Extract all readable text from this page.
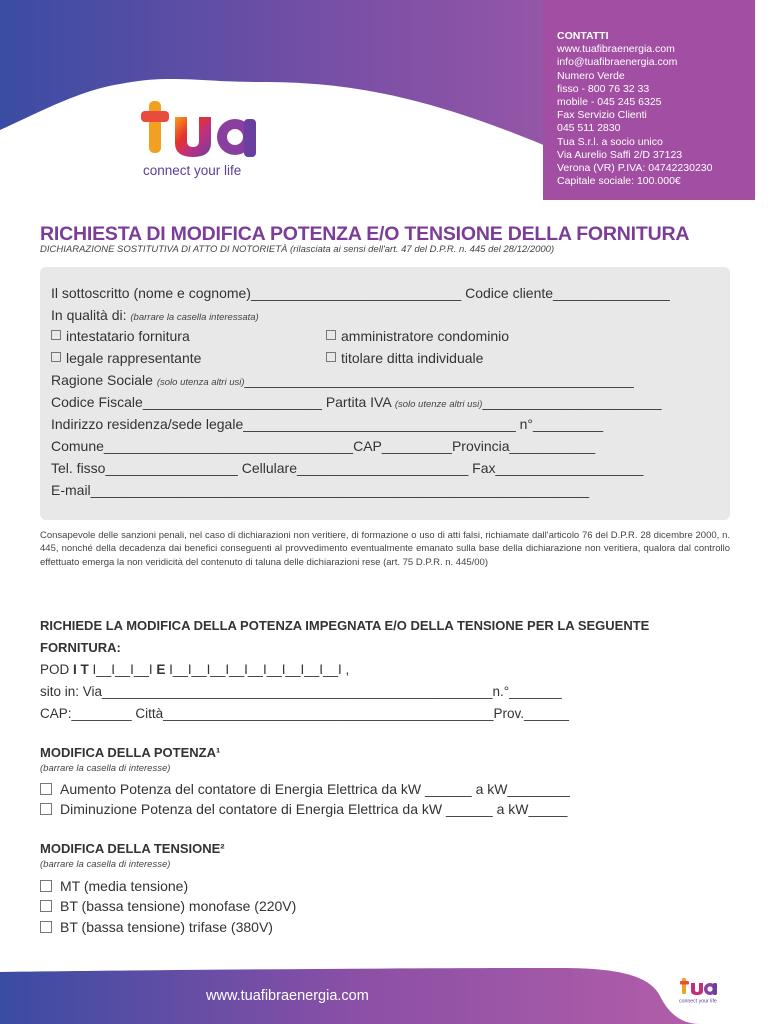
connect your life
CONTATTI
www.tuafibraenergia.com
info@tuafibraenergia.com
Numero Verde
fisso - 800 76 32 33
mobile - 045 245 6325
Fax Servizio Clienti
045 511 2830
Tua S.r.l. a socio unico
Via Aurelio Saffi 2/D 37123
Verona (VR) P.IVA: 04742230230
Capitale sociale: 100.000€
RICHIESTA DI MODIFICA POTENZA E/O TENSIONE DELLA FORNITURA
DICHIARAZIONE SOSTITUTIVA DI ATTO DI NOTORIETÀ (rilasciata ai sensi dell'art. 47 del D.P.R. n. 445 del 28/12/2000)
Il sottoscritto (nome e cognome)___________________________ Codice cliente_______________
In qualità di: (barrare la casella interessata)
intestatario fornitura	amministratore condominio
legale rappresentante	titolare ditta individuale
Ragione Sociale (solo utenza altri usi)__________________________________________________
Codice Fiscale_______________________ Partita IVA (solo utenze altri usi)_______________________
Indirizzo residenza/sede legale___________________________________ n°_________
Comune________________________________CAP_________Provincia___________
Tel. fisso_________________ Cellulare______________________ Fax___________________
E-mail________________________________________________________________
Consapevole delle sanzioni penali, nel caso di dichiarazioni non veritiere, di formazione o uso di atti falsi, richiamate dall'articolo 76 del D.P.R. 28 dicembre 2000, n. 445, nonché della decadenza dai benefici conseguenti al provvedimento eventualmente emanato sulla base della dichiarazione non veritiera, qualora dal controllo effettuato emerga la non veridicità del contenuto di taluna delle dichiarazioni rese (art. 75 D.P.R. n. 445/00)
RICHIEDE LA MODIFICA DELLA POTENZA IMPEGNATA E/O DELLA TENSIONE PER LA SEGUENTE
FORNITURA:
POD I T I__I__I__I E I__I__I__I__I__I__I__I__I__I ,
sito in: Via____________________________________________________n.°_______
CAP:________ Città____________________________________________Prov.______
MODIFICA DELLA POTENZA¹
(barrare la casella di interesse)
Aumento Potenza del contatore di Energia Elettrica da kW ______ a kW________
Diminuzione Potenza del contatore di Energia Elettrica da kW ______ a kW_____
MODIFICA DELLA TENSIONE²
(barrare la casella di interesse)
MT (media tensione)
BT (bassa tensione) monofase (220V)
BT (bassa tensione) trifase (380V)
www.tuafibraenergia.com	connect your life
